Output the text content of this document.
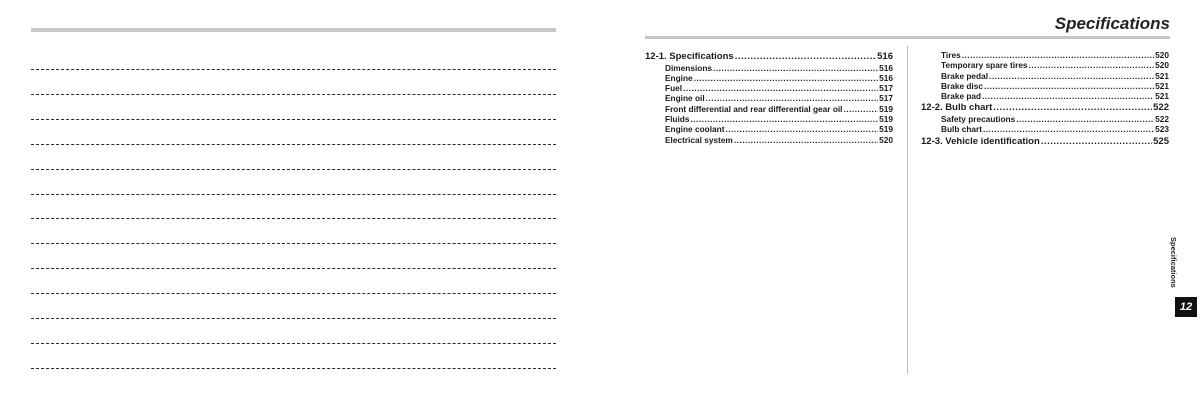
Specifications
12-1. Specifications .....	516
Dimensions .....	516
Engine .....	516
Fuel .....	517
Engine oil .....	517
Front differential and rear differential gear oil .....	519
Fluids .....	519
Engine coolant .....	519
Electrical system .....	520
Tires .....	520
Temporary spare tires .....	520
Brake pedal .....	521
Brake disc .....	521
Brake pad .....	521
12-2. Bulb chart .....	522
Safety precautions .....	522
Bulb chart .....	523
12-3. Vehicle identification .....	525
Specifications
12
